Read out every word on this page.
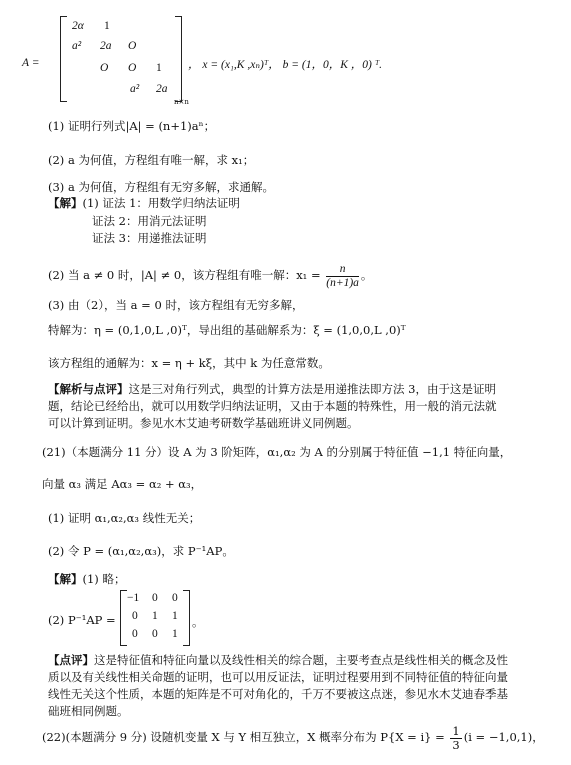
A =
2α 1
a² 2a O
O O 1
a² 2a
n×n
， x = (x₁,K ,xₙ)ᵀ， b = (1，0，K ，0) ᵀ.
(1) 证明行列式|A| = (n+1)aⁿ；
(2) a 为何值，方程组有唯一解，求 x₁；
(3) a 为何值，方程组有无穷多解，求通解。
【解】(1) 证法 1：用数学归纳法证明
证法 2：用消元法证明
证法 3：用递推法证明
(2) 当 a ≠ 0 时，|A| ≠ 0，该方程组有唯一解：$x_1 = \frac{n}{(n+1)a}$ 。
(3) 由（2），当 a = 0 时，该方程组有无穷多解，
特解为：η = (0,1,0,L ,0)ᵀ，导出组的基础解系为：ξ = (1,0,0,L ,0)ᵀ
该方程组的通解为：x = η + kξ，其中 k 为任意常数。
【解析与点评】这是三对角行列式，典型的计算方法是用递推法即方法 3，由于这是证明
题，结论已经给出，就可以用数学归纳法证明，又由于本题的特殊性，用一般的消元法就
可以计算到证明。参见水木艾迪考研数学基础班讲义同例题。
(21)（本题满分 11 分）设 A 为 3 阶矩阵，α₁,α₂ 为 A 的分别属于特征值 −1,1 特征向量，
向量 α₃ 满足 Aα₃ = α₂ + α₃，
(1) 证明 α₁,α₂,α₃ 线性无关；
(2) 令 P = (α₁,α₂,α₃)，求 P⁻¹AP。
【解】(1) 略；
(2) P⁻¹AP =
−1 0 0
0 1 1
0 0 1
。
【点评】这是特征值和特征向量以及线性相关的综合题，主要考查点是线性相关的概念及性
质以及有关线性相关命题的证明，也可以用反证法，证明过程要用到不同特征值的特征向量
线性无关这个性质，本题的矩阵是不可对角化的，千万不要被这点迷，参见水木艾迪春季基
础班相同例题。
(22)(本题满分 9 分) 设随机变量 X 与 Y 相互独立，X 概率分布为 $P\{X = i\} = \frac{1}{3} (i = -1,0,1)$，
